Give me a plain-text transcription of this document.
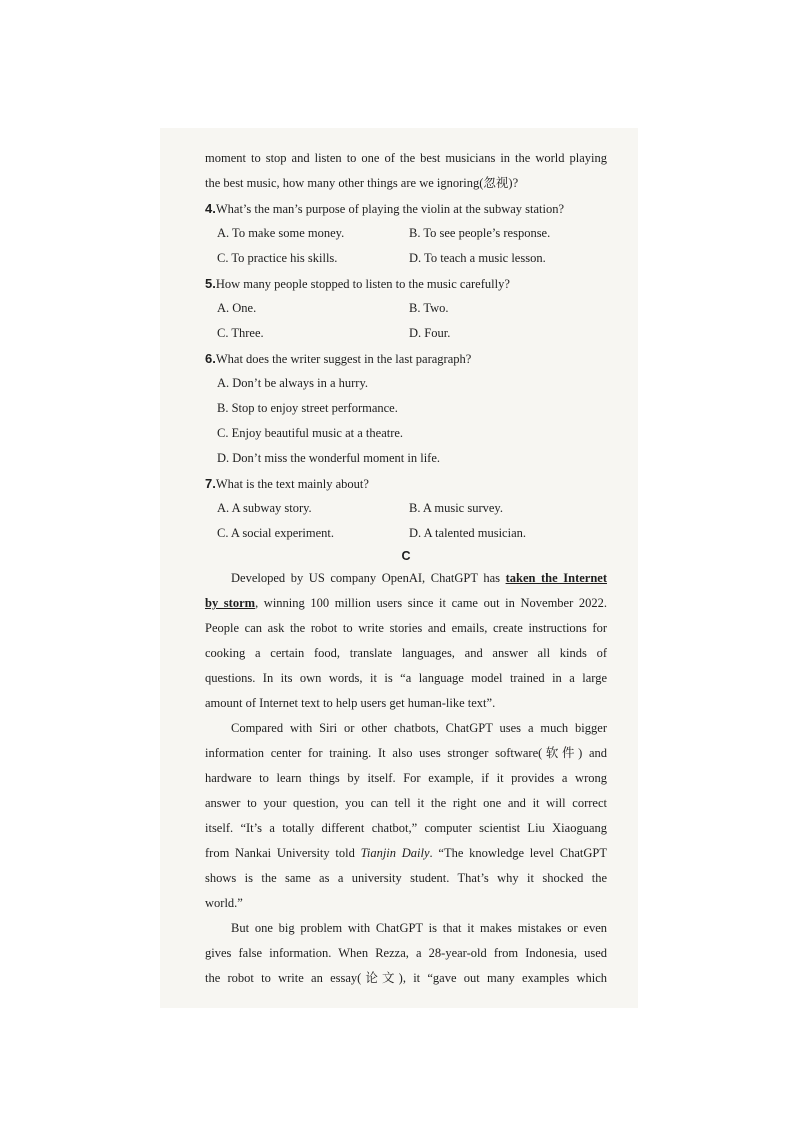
moment to stop and listen to one of the best musicians in the world playing
the best music, how many other things are we ignoring(忽视)?
4.What’s the man’s purpose of playing the violin at the subway station?
A. To make some money.	B. To see people’s response.
C. To practice his skills.	D. To teach a music lesson.
5.How many people stopped to listen to the music carefully?
A. One.	B. Two.
C. Three.	D. Four.
6.What does the writer suggest in the last paragraph?
A. Don’t be always in a hurry.
B. Stop to enjoy street performance.
C. Enjoy beautiful music at a theatre.
D. Don’t miss the wonderful moment in life.
7.What is the text mainly about?
A. A subway story.	B. A music survey.
C. A social experiment.	D. A talented musician.
C
Developed by US company OpenAI, ChatGPT has taken the Internet
by storm, winning 100 million users since it came out in November 2022.
People can ask the robot to write stories and emails, create instructions for
cooking a certain food, translate languages, and answer all kinds of
questions. In its own words, it is “a language model trained in a large
amount of Internet text to help users get human-like text”.
Compared with Siri or other chatbots, ChatGPT uses a much bigger
information center for training. It also uses stronger software(软件) and
hardware to learn things by itself. For example, if it provides a wrong
answer to your question, you can tell it the right one and it will correct
itself. “It’s a totally different chatbot,” computer scientist Liu Xiaoguang
from Nankai University told Tianjin Daily. “The knowledge level ChatGPT
shows is the same as a university student. That’s why it shocked the
world.”
But one big problem with ChatGPT is that it makes mistakes or even
gives false information. When Rezza, a 28-year-old from Indonesia, used
the robot to write an essay(论文), it “gave out many examples which
